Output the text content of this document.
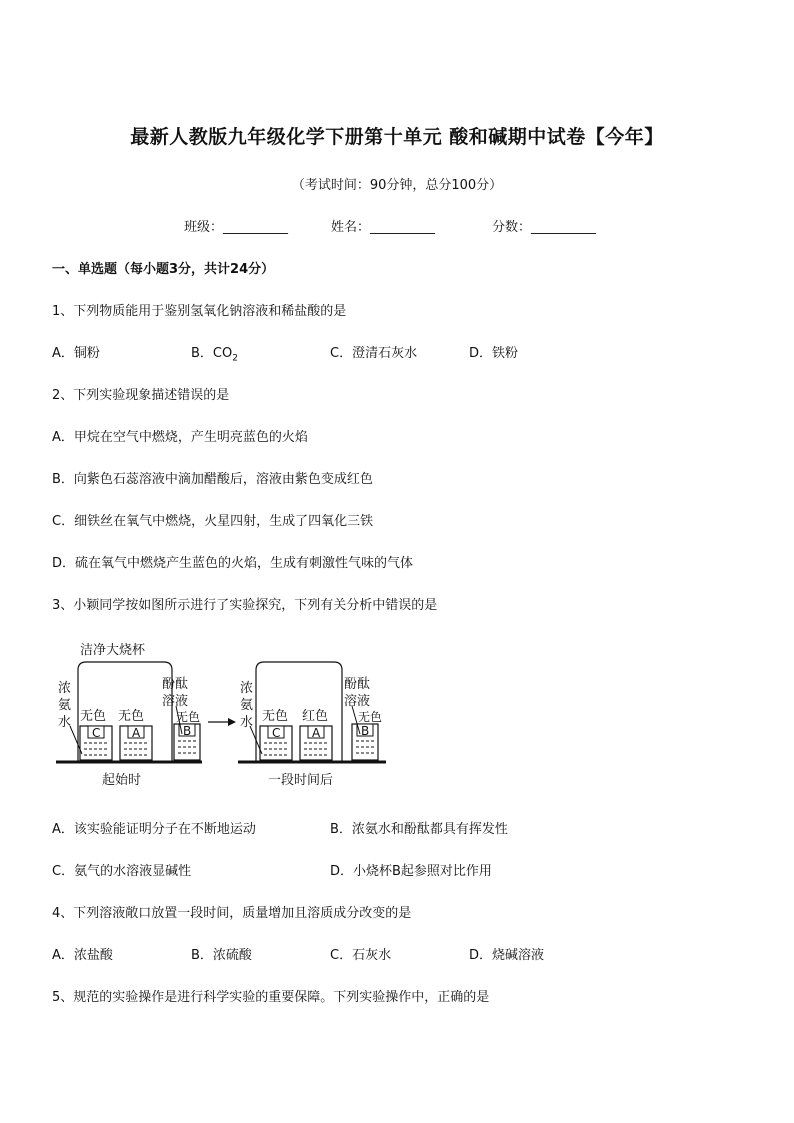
最新人教版九年级化学下册第十单元 酸和碱期中试卷【今年】
（考试时间：90分钟，总分100分）
班级：__________	姓名：__________	分数：__________
一、单选题（每小题3分，共计24分）
1、下列物质能用于鉴别氢氧化钠溶液和稀盐酸的是
A．铜粉	B．$CO_2$	C．澄清石灰水	D．铁粉
2、下列实验现象描述错误的是
A．甲烷在空气中燃烧，产生明亮蓝色的火焰
B．向紫色石蕊溶液中滴加醋酸后，溶液由紫色变成红色
C．细铁丝在氧气中燃烧，火星四射，生成了四氧化三铁
D．硫在氧气中燃烧产生蓝色的火焰，生成有刺激性气味的气体
3、小颖同学按如图所示进行了实验探究，下列有关分析中错误的是
洁净大烧杯
浓
氨
水
酚酞
溶液
无色 无色	无色
C	A	B
起始时
浓
氨
水
酚酞
溶液
无色 红色 无色
C	A	B
一段时间后
A．该实验能证明分子在不断地运动	B．浓氨水和酚酞都具有挥发性
C．氨气的水溶液显碱性	D．小烧杯B起参照对比作用
4、下列溶液敞口放置一段时间，质量增加且溶质成分改变的是
A．浓盐酸	B．浓硫酸	C．石灰水	D．烧碱溶液
5、规范的实验操作是进行科学实验的重要保障。下列实验操作中，正确的是
